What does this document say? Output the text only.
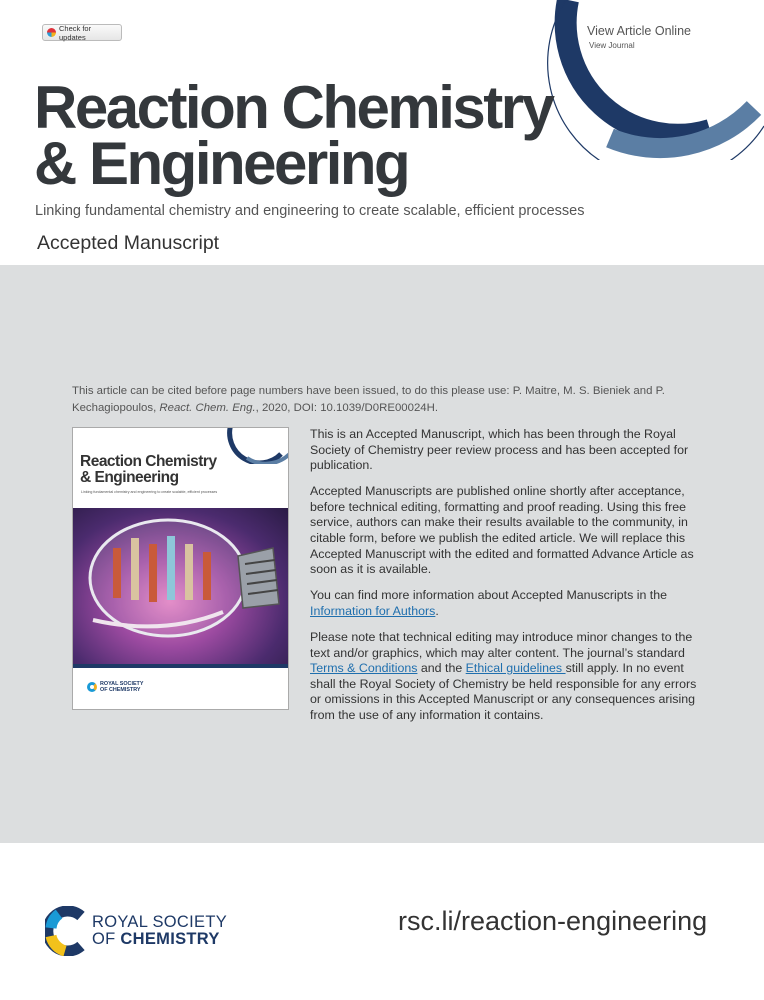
Check for updates	View Article Online
View Journal
Reaction Chemistry
& Engineering
Linking fundamental chemistry and engineering to create scalable, efficient processes
Accepted Manuscript
This article can be cited before page numbers have been issued, to do this please use: P. Maitre, M. S. Bieniek and P. Kechagiopoulos, React. Chem. Eng., 2020, DOI: 10.1039/D0RE00024H.
Reaction Chemistry
& Engineering
Linking fundamental chemistry and engineering to create scalable, efficient processes
ROYAL SOCIETY
OF CHEMISTRY

This is an Accepted Manuscript, which has been through the Royal Society of Chemistry peer review process and has been accepted for publication.

Accepted Manuscripts are published online shortly after acceptance, before technical editing, formatting and proof reading. Using this free service, authors can make their results available to the community, in citable form, before we publish the edited article. We will replace this Accepted Manuscript with the edited and formatted Advance Article as soon as it is available.

You can find more information about Accepted Manuscripts in the Information for Authors.

Please note that technical editing may introduce minor changes to the text and/or graphics, which may alter content. The journal’s standard Terms & Conditions and the Ethical guidelines still apply. In no event shall the Royal Society of Chemistry be held responsible for any errors or omissions in this Accepted Manuscript or any consequences arising from the use of any information it contains.

ROYAL SOCIETY
OF CHEMISTRY
rsc.li/reaction-engineering
